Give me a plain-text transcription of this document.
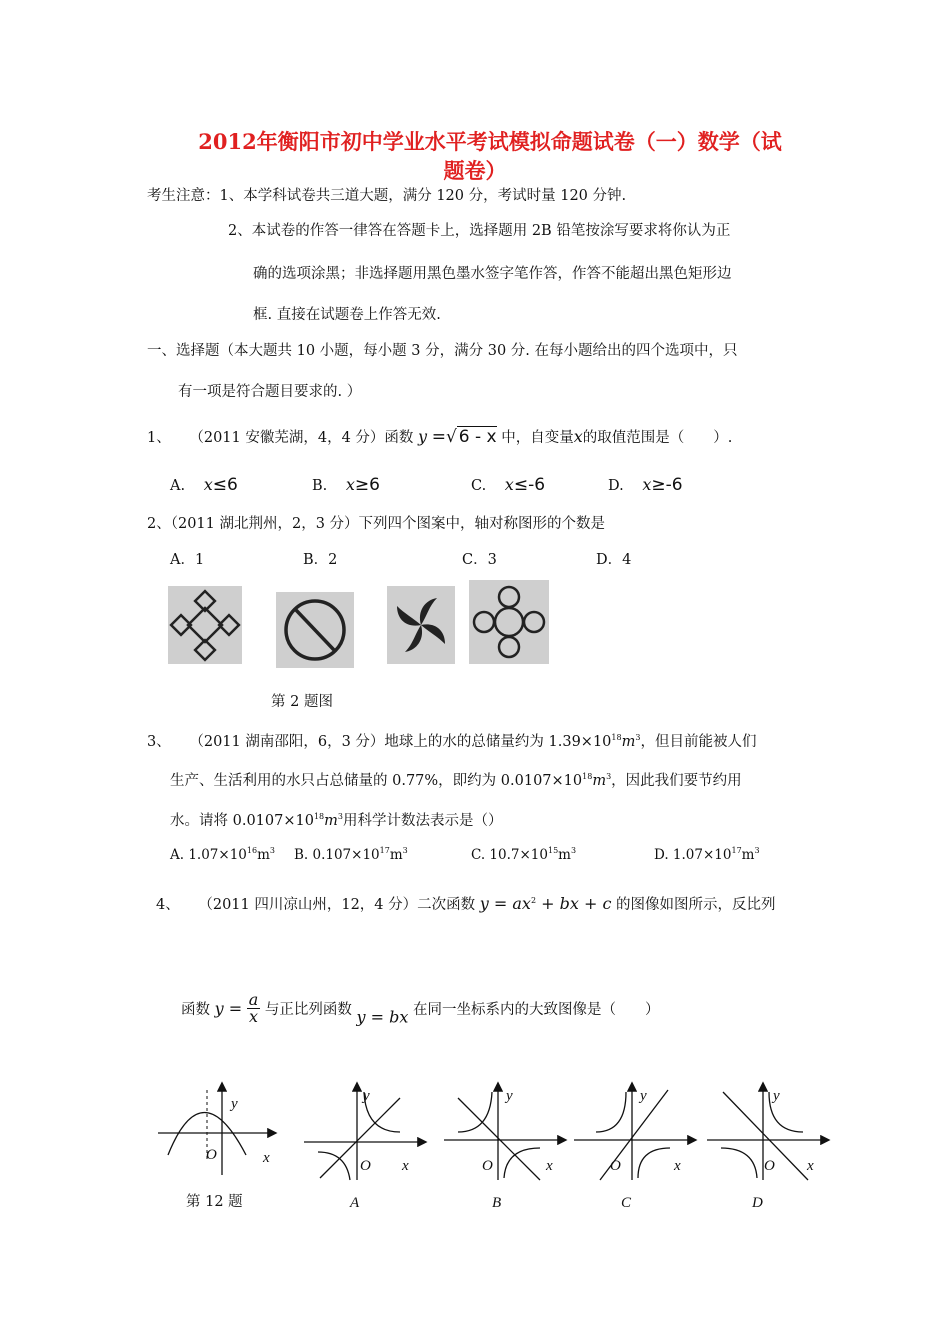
2012年衡阳市初中学业水平考试模拟命题试卷（一）数学（试
题卷）
考生注意：1、本学科试卷共三道大题，满分 120 分，考试时量 120 分钟.
2、本试卷的作答一律答在答题卡上，选择题用 2B 铅笔按涂写要求将你认为正
确的选项涂黑；非选择题用黑色墨水签字笔作答，作答不能超出黑色矩形边
框. 直接在试题卷上作答无效.
一、选择题（本大题共 10 小题，每小题 3 分，满分 30 分. 在每小题给出的四个选项中，只
有一项是符合题目要求的. ）
1、 （2011 安徽芜湖，4，4 分）函数 y =√ 6 - x 中，自变量x的取值范围是（　　）.
A. x≤6	B. x≥6	C. x≤-6	D. x≥-6
2、（2011 湖北荆州，2，3 分）下列四个图案中，轴对称图形的个数是
A．1	B．2	C．3	D．4
第 2 题图
3、 （2011 湖南邵阳，6，3 分）地球上的水的总储量约为 $1.39\times 10^{18}m^3$，但目前能被人们
生产、生活利用的水只占总储量的 0.77%，即约为 $0.0107\times 10^{18}m^3$，因此我们要节约用
水。请将 $0.0107\times 10^{18}m^3$用科学计数法表示是（）
A. $1.07\times 10^{16}m^3$ B. $0.107\times 10^{17}m^3$	C. $10.7\times 10^{15}m^3$	D. $1.07\times 10^{17}m^3$
4、 （2011 四川凉山州，12，4 分）二次函数 $y = ax^2$ + bx + c 的图像如图所示，反比列
函数 $y = \frac{a}{x}$ 与正比列函数 y = bx 在同一坐标系内的大致图像是（　　）
y
O	x
第 12 题
y
O x
A
y
O	x
B
y
O	x
C
y
O x
D
